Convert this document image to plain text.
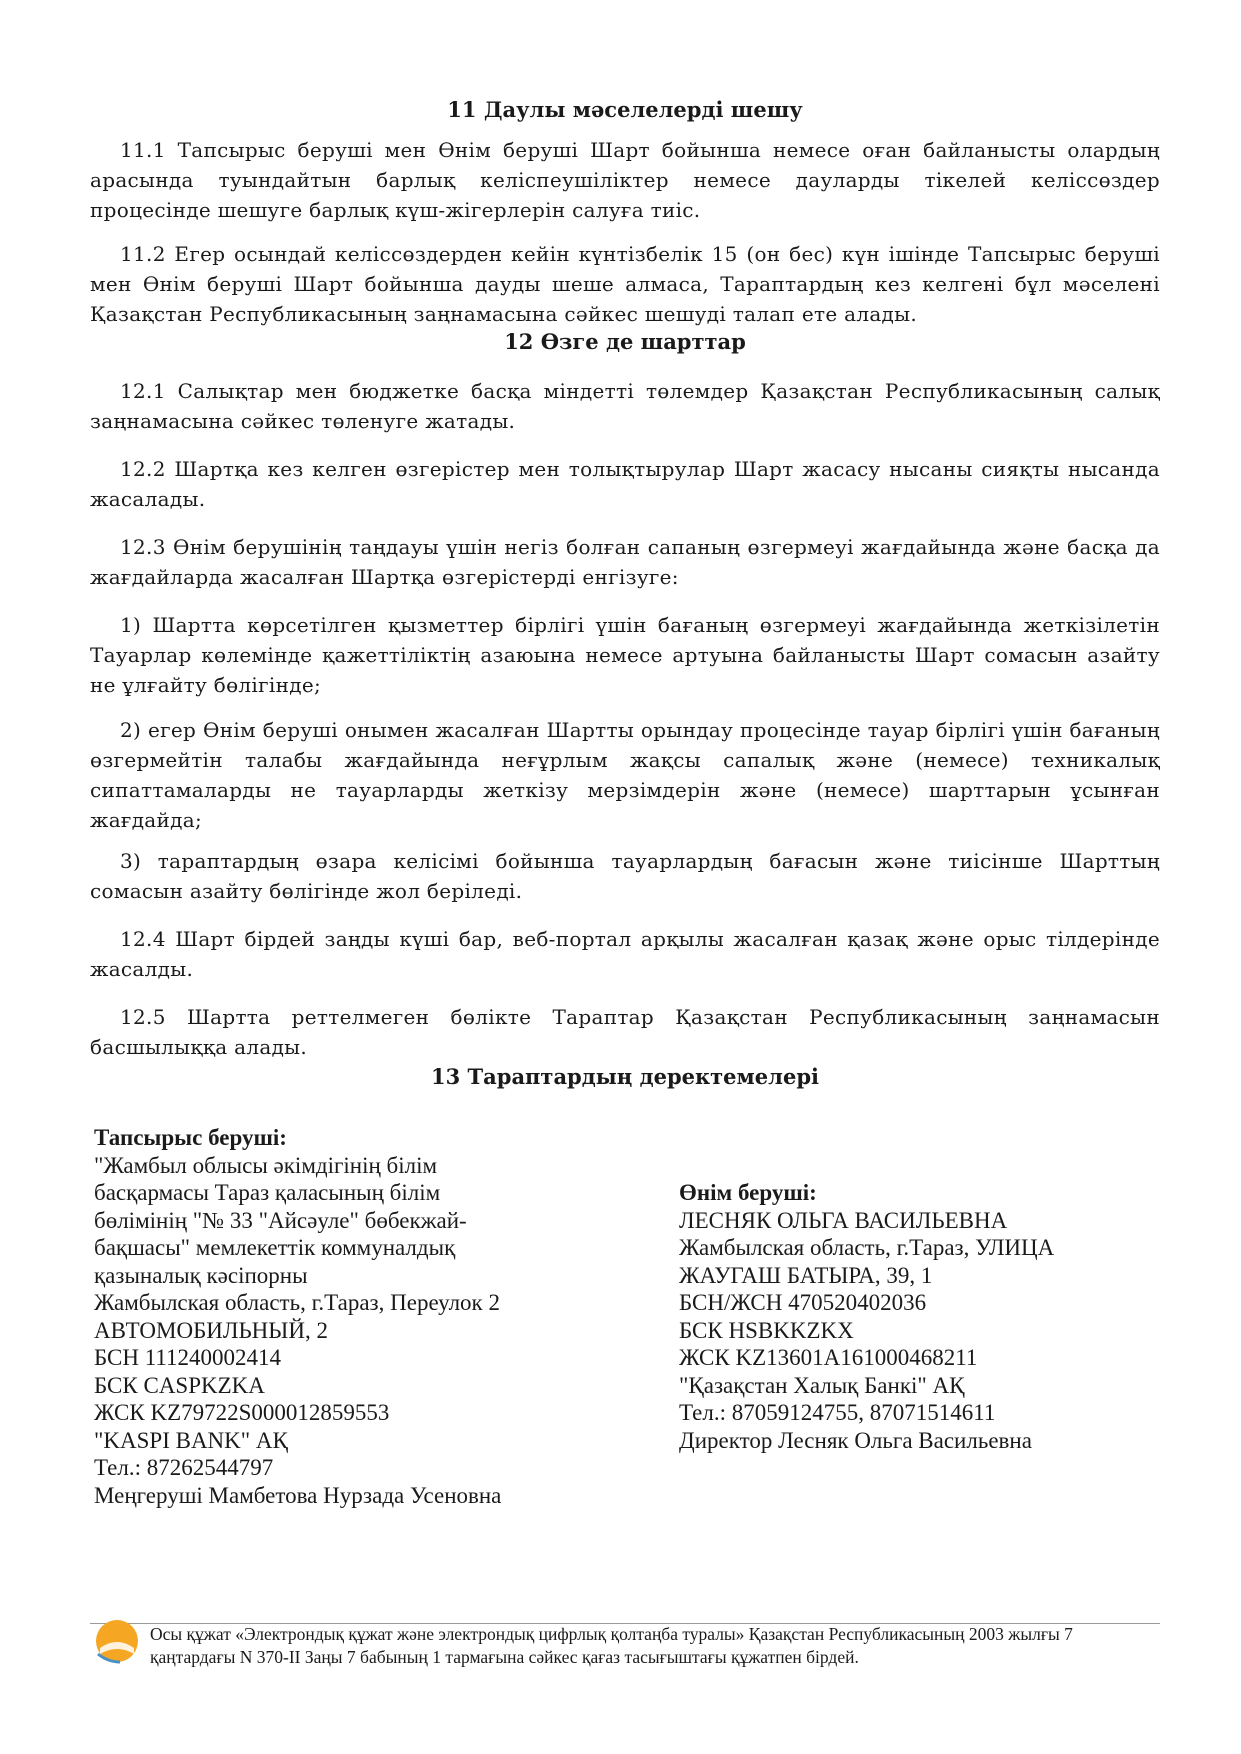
11 Даулы мәселелерді шешу

11.1 Тапсырыс беруші мен Өнім беруші Шарт бойынша немесе оған байланысты олардың арасында туындайтын барлық келіспеушіліктер немесе дауларды тікелей келіссөздер процесінде шешуге барлық күш-жігерлерін салуға тиіс.

11.2 Егер осындай келіссөздерден кейін күнтізбелік 15 (он бес) күн ішінде Тапсырыс беруші мен Өнім беруші Шарт бойынша дауды шеше алмаса, Тараптардың кез келгені бұл мәселені Қазақстан Республикасының заңнамасына сәйкес шешуді талап ете алады.

12 Өзге де шарттар

12.1 Салықтар мен бюджетке басқа міндетті төлемдер Қазақстан Республикасының салық заңнамасына сәйкес төленуге жатады.

12.2 Шартқа кез келген өзгерістер мен толықтырулар Шарт жасасу нысаны сияқты нысанда жасалады.

12.3 Өнім берушінің таңдауы үшін негіз болған сапаның өзгермеуі жағдайында және басқа да жағдайларда жасалған Шартқа өзгерістерді енгізуге:

1) Шартта көрсетілген қызметтер бірлігі үшін бағаның өзгермеуі жағдайында жеткізілетін Тауарлар көлемінде қажеттіліктің азаюына немесе артуына байланысты Шарт сомасын азайту не ұлғайту бөлігінде;

2) егер Өнім беруші онымен жасалған Шартты орындау процесінде тауар бірлігі үшін бағаның өзгермейтін талабы жағдайында неғұрлым жақсы сапалық және (немесе) техникалық сипаттамаларды не тауарларды жеткізу мерзімдерін және (немесе) шарттарын ұсынған жағдайда;

3) тараптардың өзара келісімі бойынша тауарлардың бағасын және тиісінше Шарттың сомасын азайту бөлігінде жол беріледі.

12.4 Шарт бірдей заңды күші бар, веб-портал арқылы жасалған қазақ және орыс тілдерінде жасалды.

12.5 Шартта реттелмеген бөлікте Тараптар Қазақстан Республикасының заңнамасын басшылыққа алады.

13 Тараптардың деректемелері
Тапсырыс беруші:
"Жамбыл облысы әкімдігінің білім
басқармасы Тараз қаласының білім
бөлімінің "№ 33 "Айсәуле" бөбекжай-
бақшасы" мемлекеттік коммуналдық
қазыналық кәсіпорны
Жамбылская область, г.Тараз, Переулок 2
АВТОМОБИЛЬНЫЙ, 2
БСН 111240002414
БСК CASPKZKA
ЖСК KZ79722S000012859553
"KASPI BANK" АҚ
Тел.: 87262544797
Меңгерушi Мамбетова Нурзада Усеновна
Өнім беруші:
ЛЕСНЯК ОЛЬГА ВАСИЛЬЕВНА
Жамбылская область, г.Тараз, УЛИЦА
ЖАУГАШ БАТЫРА, 39, 1
БСН/ЖСН 470520402036
БСК HSBKKZKX
ЖСК KZ13601A161000468211
"Қазақстан Халық Банкі" АҚ
Тел.: 87059124755, 87071514611
Директор Лесняк Ольга Васильевна

Осы құжат «Электрондық құжат және электрондық цифрлық қолтаңба туралы» Қазақстан Республикасының 2003 жылғы 7 қаңтардағы N 370-II Заңы 7 бабының 1 тармағына сәйкес қағаз тасығыштағы құжатпен бірдей.
